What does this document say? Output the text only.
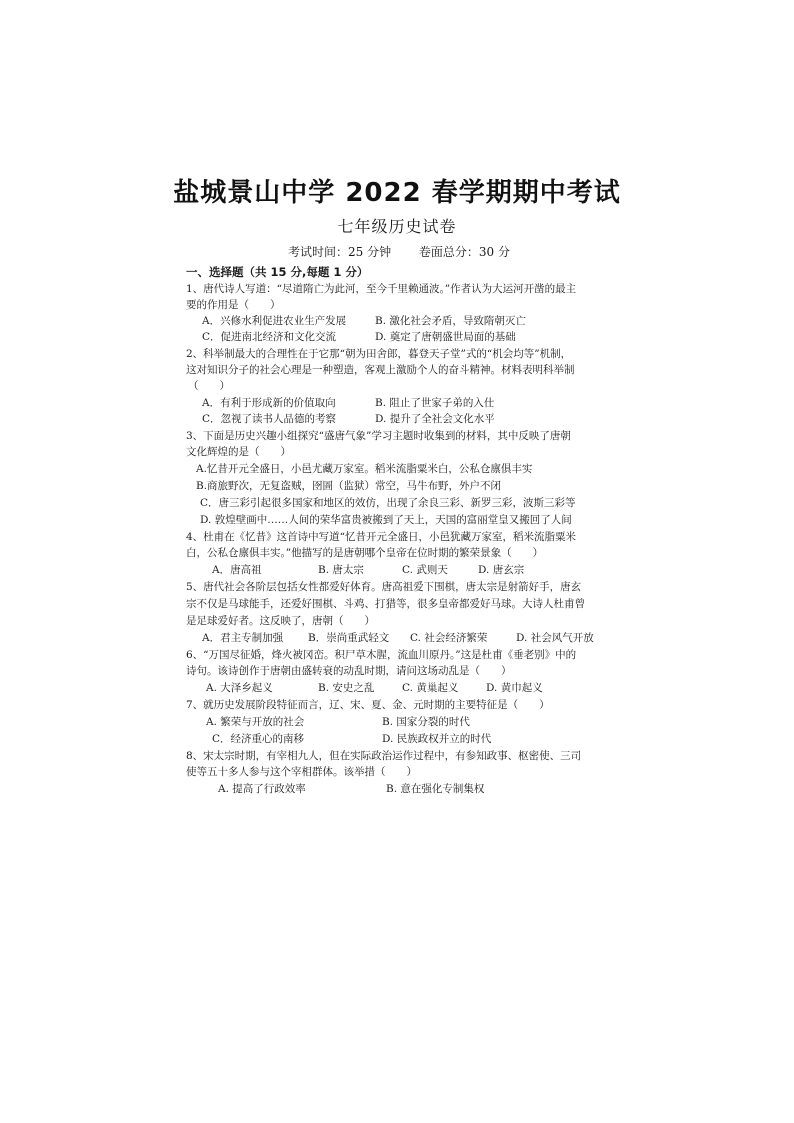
盐城景山中学 2022 春学期期中考试
七年级历史试卷
考试时间：25 分钟 卷面总分：30 分
一、选择题（共 15 分,每题 1 分）
1、唐代诗人写道：“尽道隋亡为此河，至今千里赖通波。”作者认为大运河开凿的最主
要的作用是（　　）
A．兴修水利促进农业生产发展	B. 激化社会矛盾，导致隋朝灭亡
C．促进南北经济和文化交流	D. 奠定了唐朝盛世局面的基础
2、科举制最大的合理性在于它那“朝为田舍郎，暮登天子堂”式的“机会均等”机制，
这对知识分子的社会心理是一种塑造，客观上激励个人的奋斗精神。材料表明科举制
（　　）
A．有利于形成新的价值取向	B. 阻止了世家子弟的入仕
C．忽视了读书人品德的考察	D. 提升了全社会文化水平
3、下面是历史兴趣小组探究“盛唐气象”学习主题时收集到的材料，其中反映了唐朝
文化辉煌的是（　　）
A.忆昔开元全盛日，小邑尤藏万家室。稻米流脂粟米白，公私仓廪俱丰实
B.商旅野次，无复盗贼，囹圄（监狱）常空，马牛布野，外户不闭
C．唐三彩引起很多国家和地区的效仿，出现了余良三彩、新罗三彩，波斯三彩等
D. 敦煌壁画中……人间的荣华富贵被搬到了天上，天国的富丽堂皇又搬回了人间
4、杜甫在《忆昔》这首诗中写道“忆昔开元全盛日，小邑犹藏万家室，稻米流脂粟米
白，公私仓廪俱丰实。”他描写的是唐朝哪个皇帝在位时期的繁荣景象（　　）
A．唐高祖	B. 唐太宗	C. 武则天	D. 唐玄宗
5、唐代社会各阶层包括女性都爱好体育。唐高祖爱下围棋，唐太宗是射箭好手，唐玄
宗不仅是马球能手，还爱好围棋、斗鸡、打猎等，很多皇帝都爱好马球。大诗人杜甫曾
是足球爱好者。这反映了，唐朝（　　）
A．君主专制加强 B．崇尚重武轻文 C. 社会经济繁荣	D. 社会风气开放
6、“万国尽征婚，烽火被冈峦。积尸草木腥，流血川原丹。”这是杜甫《垂老别》中的
诗句。该诗创作于唐朝由盛转衰的动乱时期，请问这场动乱是（　　）
A. 大泽乡起义	B. 安史之乱	C. 黄巢起义	D. 黄巾起义
7、就历史发展阶段特征而言，辽、宋、夏、金、元时期的主要特征是（　　）
A. 繁荣与开放的社会	B. 国家分裂的时代
C．经济重心的南移	D. 民族政权并立的时代
8、宋太宗时期，有宰相九人，但在实际政治运作过程中，有参知政事、枢密使、三司
使等五十多人参与这个宰相群体。该举措（　　）
A. 提高了行政效率	B. 意在强化专制集权
